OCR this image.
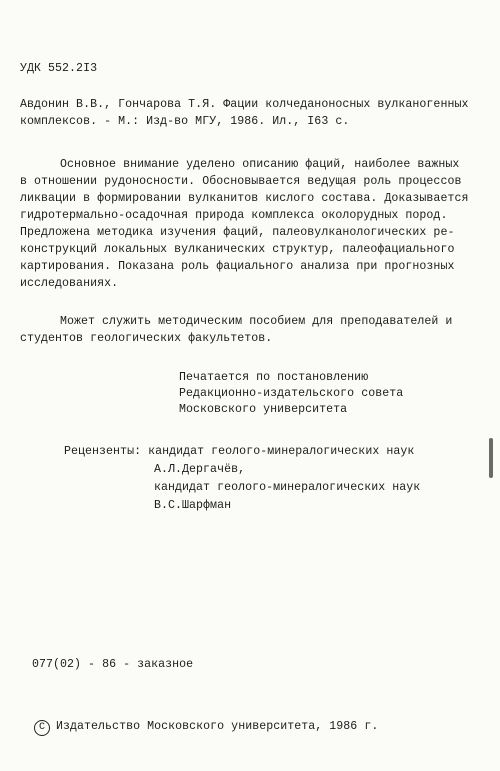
УДК 552.2I3
Авдонин В.В., Гончарова Т.Я. Фации колчеданоносных вулканогенных
комплексов. - М.: Изд-во МГУ, 1986. Ил., I63 с.
Основное внимание уделено описанию фаций, наиболее важных
в отношении рудоносности. Обосновывается ведущая роль процессов
ликвации в формировании вулканитов кислого состава. Доказывается
гидротермально-осадочная природа комплекса околорудных пород.
Предложена методика изучения фаций, палеовулканологических ре-
конструкций локальных вулканических структур, палеофациального
картирования. Показана роль фациального анализа при прогнозных
исследованиях.
Может служить методическим пособием для преподавателей и
студентов геологических факультетов.
Печатается по постановлению
Редакционно-издательского совета
Московского университета
Рецензенты: кандидат геолого-минералогических наук
А.Л.Дергачёв,
кандидат геолого-минералогических наук
В.С.Шарфман
077(02) - 86 - заказное
C Издательство Московского университета, 1986 г.
